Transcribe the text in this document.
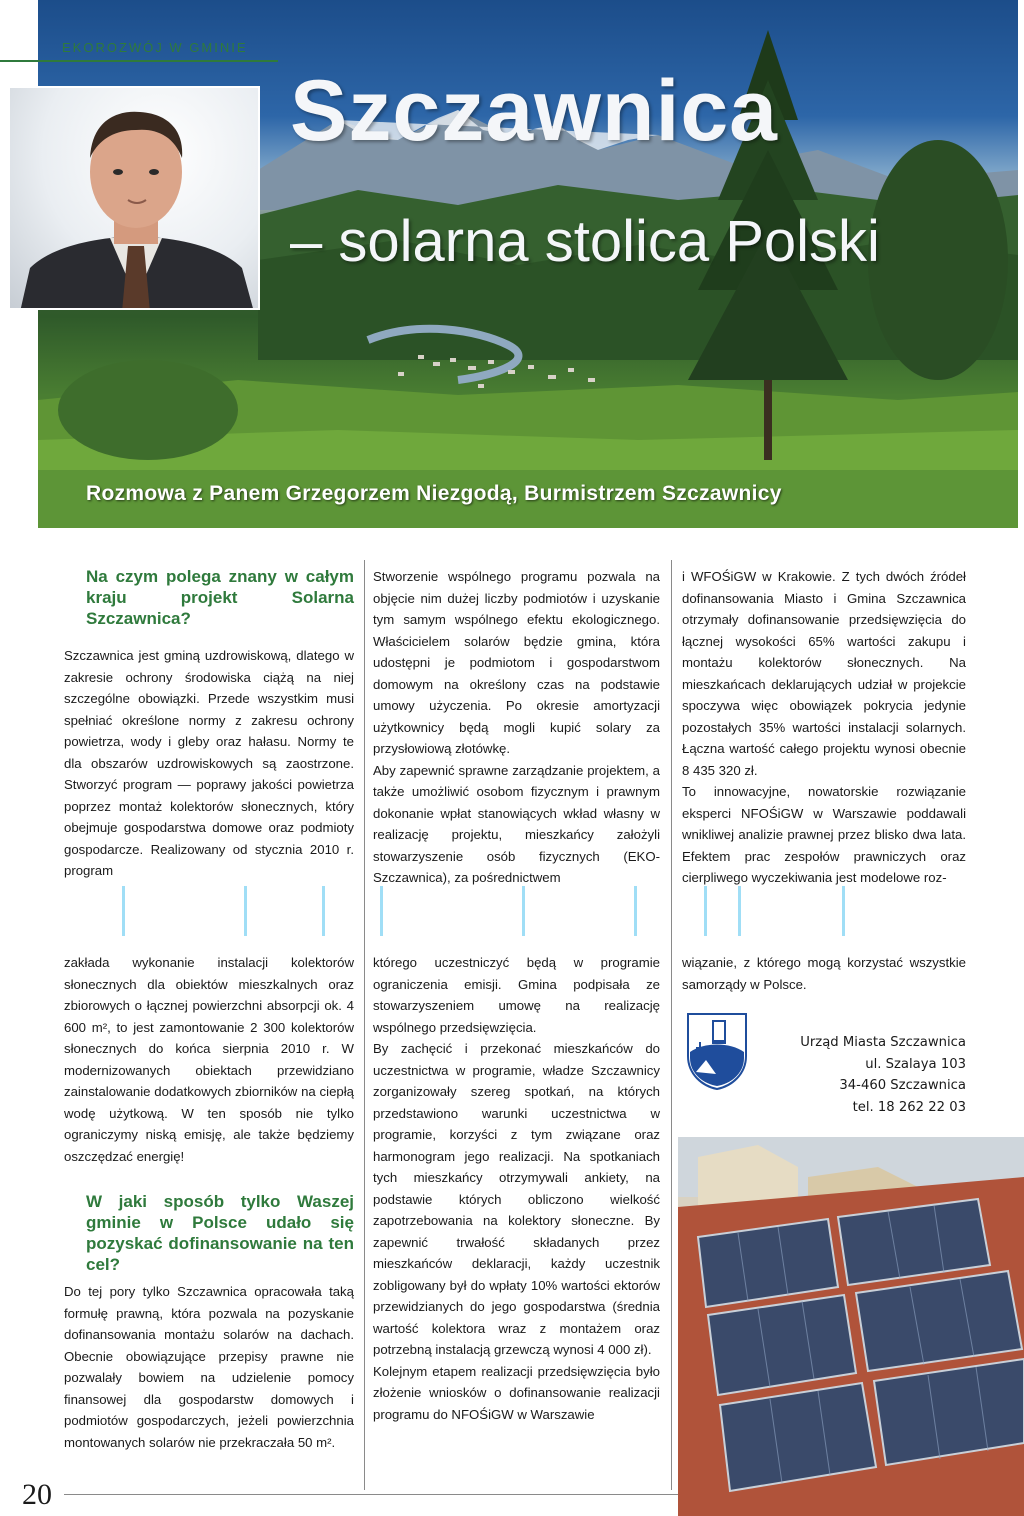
EKOROZWÓJ W GMINIE
Szczawnica
– solarna stolica Polski
Rozmowa z Panem Grzegorzem Niezgodą, Burmistrzem Szczawnicy
Na czym polega znany w całym kraju projekt Solarna Szczawnica?

Szczawnica jest gminą uzdrowiskową, dlatego w zakresie ochrony środowiska ciążą na niej szczególne obowiązki. Przede wszystkim musi spełniać określone normy z zakresu ochrony powietrza, wody i gleby oraz hałasu. Normy te dla obszarów uzdrowiskowych są zaostrzone. Stworzyć program — poprawy jakości powietrza poprzez montaż kolektorów słonecznych, który obejmuje gospodarstwa domowe oraz podmioty gospodarcze. Realizowany od stycznia 2010 r. program

zakłada wykonanie instalacji kolektorów słonecznych dla obiektów mieszkalnych oraz zbiorowych o łącznej powierzchni absorpcji ok. 4 600 m², to jest zamontowanie 2 300 kolektorów słonecznych do końca sierpnia 2010 r. W modernizowanych obiektach przewidziano zainstalowanie dodatkowych zbiorników na ciepłą wodę użytkową. W ten sposób nie tylko ograniczymy niską emisję, ale także będziemy oszczędzać energię!

W jaki sposób tylko Waszej gminie w Polsce udało się pozyskać dofinansowanie na ten cel?

Do tej pory tylko Szczawnica opracowała taką formułę prawną, która pozwala na pozyskanie dofinansowania montażu solarów na dachach. Obecnie obowiązujące przepisy prawne nie pozwalały bowiem na udzielenie pomocy finansowej dla gospodarstw domowych i podmiotów gospodarczych, jeżeli powierzchnia montowanych solarów nie przekraczała 50 m².

Stworzenie wspólnego programu pozwala na objęcie nim dużej liczby podmiotów i uzyskanie tym samym wspólnego efektu ekologicznego. Właścicielem solarów będzie gmina, która udostępni je podmiotom i gospodarstwom domowym na określony czas na podstawie umowy użyczenia. Po okresie amortyzacji użytkownicy będą mogli kupić solary za przysłowiową złotówkę.

Aby zapewnić sprawne zarządzanie projektem, a także umożliwić osobom fizycznym i prawnym dokonanie wpłat stanowiących wkład własny w realizację projektu, mieszkańcy założyli stowarzyszenie osób fizycznych (EKO-Szczawnica), za pośrednictwem

którego uczestniczyć będą w programie ograniczenia emisji. Gmina podpisała ze stowarzyszeniem umowę na realizację wspólnego przedsięwzięcia.

By zachęcić i przekonać mieszkańców do uczestnictwa w programie, władze Szczawnicy zorganizowały szereg spotkań, na których przedstawiono warunki uczestnictwa w programie, korzyści z tym związane oraz harmonogram jego realizacji. Na spotkaniach tych mieszkańcy otrzymywali ankiety, na podstawie których obliczono wielkość zapotrzebowania na kolektory słoneczne. By zapewnić trwałość składanych przez mieszkańców deklaracji, każdy uczestnik zobligowany był do wpłaty 10% wartości ektorów przewidzianych do jego gospodarstwa (średnia wartość kolektora wraz z montażem oraz potrzebną instalacją grzewczą wynosi 4 000 zł).

Kolejnym etapem realizacji przedsięwzięcia było złożenie wniosków o dofinansowanie realizacji programu do NFOŚiGW w Warszawie

i WFOŚiGW w Krakowie. Z tych dwóch źródeł dofinansowania Miasto i Gmina Szczawnica otrzymały dofinansowanie przedsięwzięcia do łącznej wysokości 65% wartości zakupu i montażu kolektorów słonecznych. Na mieszkańcach deklarujących udział w projekcie spoczywa więc obowiązek pokrycia jedynie pozostałych 35% wartości instalacji solarnych. Łączna wartość całego projektu wynosi obecnie 8 435 320 zł.

To innowacyjne, nowatorskie rozwiązanie eksperci NFOŚiGW w Warszawie poddawali wnikliwej analizie prawnej przez blisko dwa lata. Efektem prac zespołów prawniczych oraz cierpliwego wyczekiwania jest modelowe roz-

wiązanie, z którego mogą korzystać wszystkie samorządy w Polsce.

Urząd Miasta Szczawnica
ul. Szalaya 103
34-460 Szczawnica
tel. 18 262 22 03
20
